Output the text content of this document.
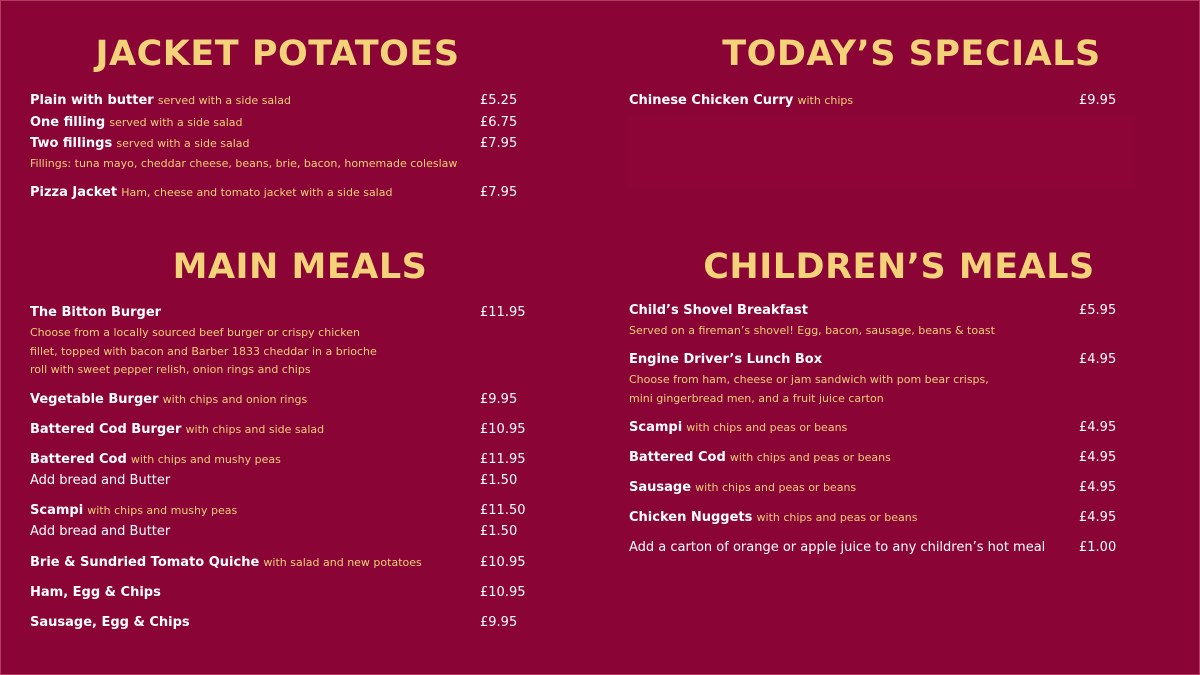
JACKET POTATOES
Plain with butter served with a side salad	£5.25
One filling served with a side salad	£6.75
Two fillings served with a side salad	£7.95
Fillings: tuna mayo, cheddar cheese, beans, brie, bacon, homemade coleslaw
Pizza Jacket Ham, cheese and tomato jacket with a side salad	£7.95
TODAY’S SPECIALS
Chinese Chicken Curry with chips	£9.95
MAIN MEALS
The Bitton Burger	£11.95
Choose from a locally sourced beef burger or crispy chicken
fillet, topped with bacon and Barber 1833 cheddar in a brioche
roll with sweet pepper relish, onion rings and chips
Vegetable Burger with chips and onion rings	£9.95
Battered Cod Burger with chips and side salad	£10.95
Battered Cod with chips and mushy peas	£11.95
Add bread and Butter	£1.50
Scampi with chips and mushy peas	£11.50
Add bread and Butter	£1.50
Brie & Sundried Tomato Quiche with salad and new potatoes	£10.95
Ham, Egg & Chips	£10.95
Sausage, Egg & Chips	£9.95
CHILDREN’S MEALS
Child’s Shovel Breakfast	£5.95
Served on a fireman’s shovel! Egg, bacon, sausage, beans & toast
Engine Driver’s Lunch Box	£4.95
Choose from ham, cheese or jam sandwich with pom bear crisps,
mini gingerbread men, and a fruit juice carton
Scampi with chips and peas or beans	£4.95
Battered Cod with chips and peas or beans	£4.95
Sausage with chips and peas or beans	£4.95
Chicken Nuggets with chips and peas or beans	£4.95
Add a carton of orange or apple juice to any children’s hot meal	£1.00
